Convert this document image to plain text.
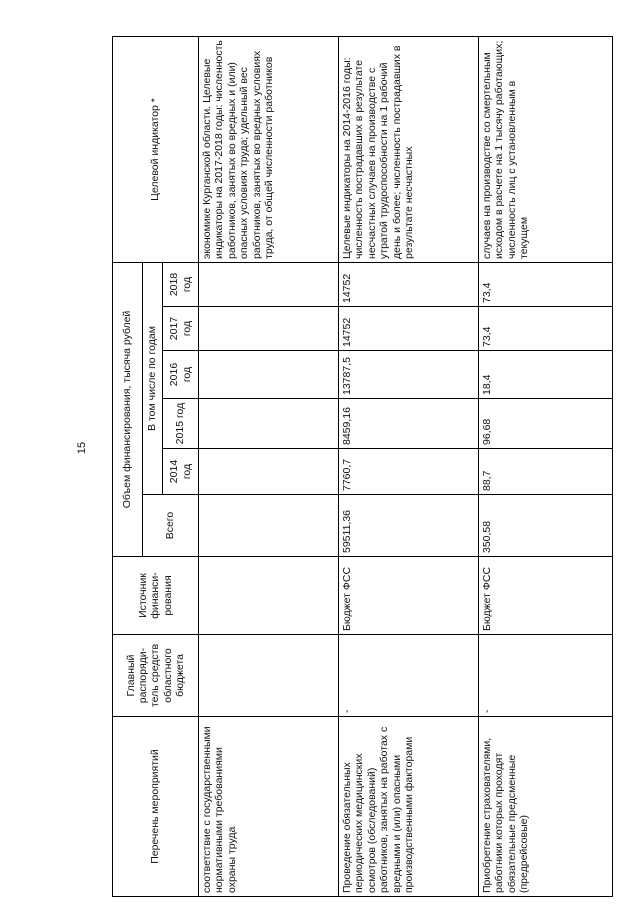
15
Перечень мероприятий	Главный распоряди-тель средств областного бюджета	Источник финанси-рования	Объем финансирования, тысяча рублей						Целевой индикатор *
			Всего	В том числе по годам					
				2014 год	2015 год	2016 год	2017 год	2018 год	
соответствие с государственными нормативными требованиями охраны труда									экономике Курганской области. Целевые индикаторы на 2017-2018 годы: численность работников, занятых во вредных и (или) опасных условиях труда; удельный вес работников, занятых во вредных условиях труда, от общей численности работников
Проведение обязательных периодических медицинских осмотров (обследований) работников, занятых на работах с вредными и (или) опасными производственными факторами	-	Бюджет ФСС	59511,36	7760,7	8459,16	13787,5	14752	14752	Целевые индикаторы на 2014-2016 годы: численность пострадавших в результате несчастных случаев на производстве с утратой трудоспособности на 1 рабочий день и более; численность пострадавших в результате несчастных
Приобретение страхователями, работники которых проходят обязательные предсменные (предрейсовые)	-	Бюджет ФСС	350,58	88,7	96,68	18,4	73,4	73,4	случаев на производстве со смертельным исходом в расчете на 1 тысячу работающих; численность лиц с установленным в текущем
